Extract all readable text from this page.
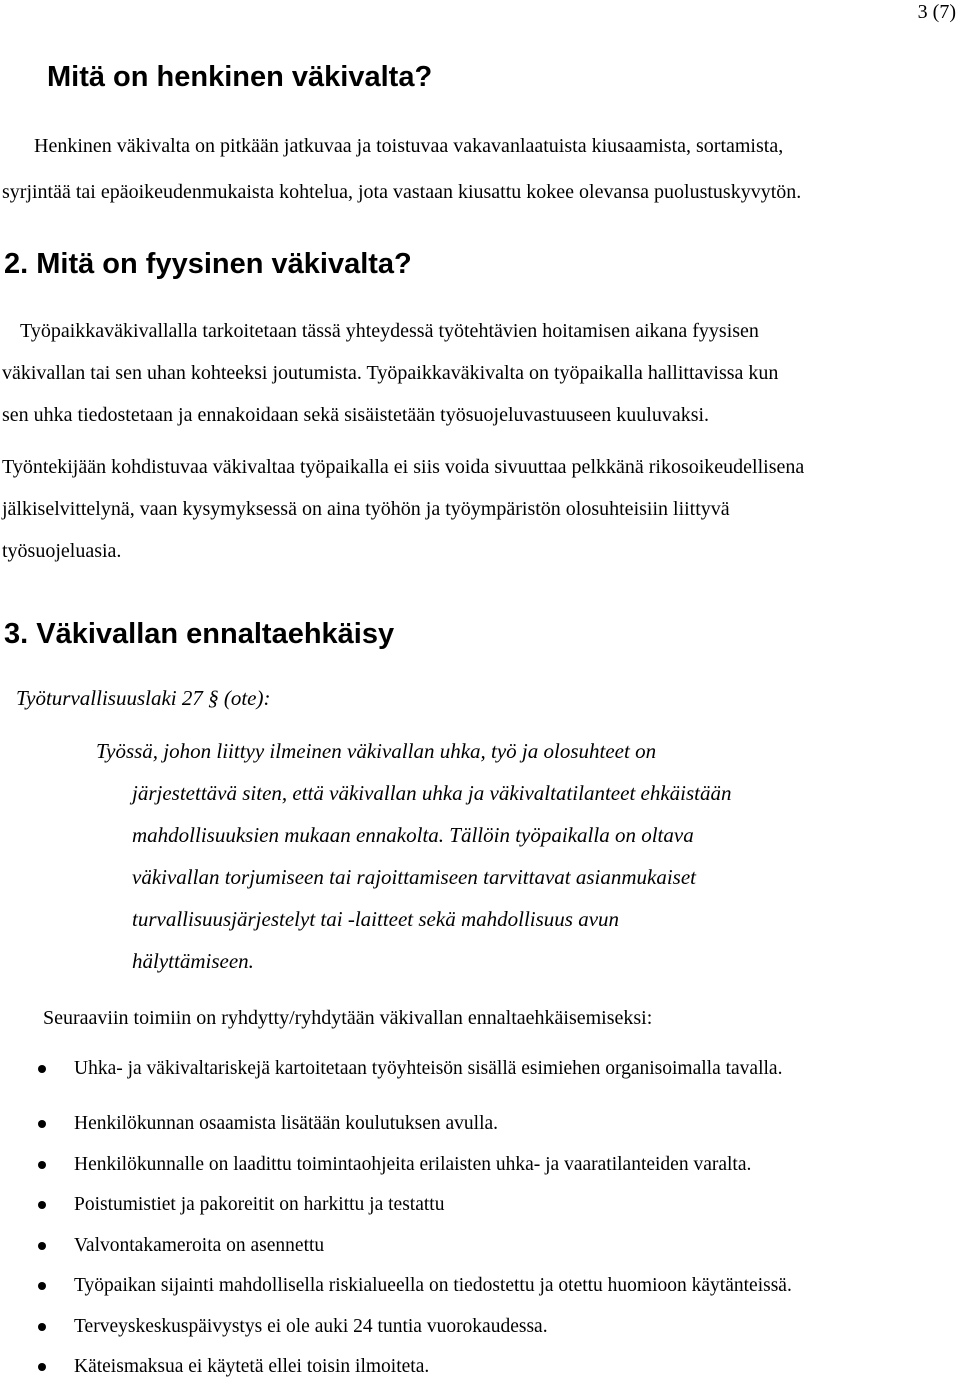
3 (7)
Mitä on henkinen väkivalta?
Henkinen väkivalta on pitkään jatkuvaa ja toistuvaa vakavanlaatuista kiusaamista, sortamista,
syrjintää tai epäoikeudenmukaista kohtelua, jota vastaan kiusattu kokee olevansa puolustuskyvytön.
2. Mitä on fyysinen väkivalta?
Työpaikkaväkivallalla tarkoitetaan tässä yhteydessä työtehtävien hoitamisen aikana fyysisen
väkivallan tai sen uhan kohteeksi joutumista. Työpaikkaväkivalta on työpaikalla hallittavissa kun
sen uhka tiedostetaan ja ennakoidaan sekä sisäistetään työsuojeluvastuuseen kuuluvaksi.
Työntekijään kohdistuvaa väkivaltaa työpaikalla ei siis voida sivuuttaa pelkkänä rikosoikeudellisena
jälkiselvittelynä, vaan kysymyksessä on aina työhön ja työympäristön olosuhteisiin liittyvä
työsuojeluasia.
3. Väkivallan ennaltaehkäisy
Työturvallisuuslaki 27 § (ote):
Työssä, johon liittyy ilmeinen väkivallan uhka, työ ja olosuhteet on
järjestettävä siten, että väkivallan uhka ja väkivaltatilanteet ehkäistään
mahdollisuuksien mukaan ennakolta. Tällöin työpaikalla on oltava
väkivallan torjumiseen tai rajoittamiseen tarvittavat asianmukaiset
turvallisuusjärjestelyt tai -laitteet sekä mahdollisuus avun
hälyttämiseen.
Seuraaviin toimiin on ryhdytty/ryhdytään väkivallan ennaltaehkäisemiseksi:
Uhka- ja väkivaltariskejä kartoitetaan työyhteisön sisällä esimiehen organisoimalla tavalla.
Henkilökunnan osaamista lisätään koulutuksen avulla.
Henkilökunnalle on laadittu toimintaohjeita erilaisten uhka- ja vaaratilanteiden varalta.
Poistumistiet ja pakoreitit on harkittu ja testattu
Valvontakameroita on asennettu
Työpaikan sijainti mahdollisella riskialueella on tiedostettu ja otettu huomioon käytänteissä.
Terveyskeskuspäivystys ei ole auki 24 tuntia vuorokaudessa.
Käteismaksua ei käytetä ellei toisin ilmoiteta.
